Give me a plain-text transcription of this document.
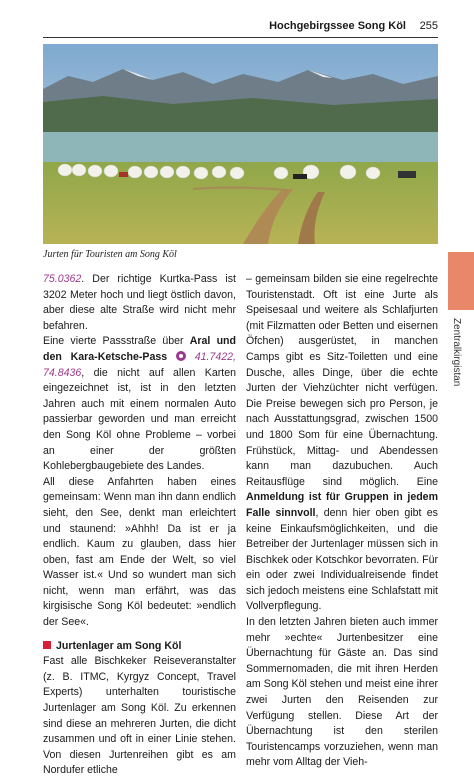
Hochgebirgssee Song Köl 255
Jurten für Touristen am Song Köl
Zentralkirgistan

75.0362. Der richtige Kurtka-Pass ist 3202 Meter hoch und liegt östlich davon, aber diese alte Straße wird nicht mehr befahren.

Eine vierte Passstraße über Aral und den Kara-Ketsche-Pass	41.7422, 74.8436, die nicht auf allen Karten eingezeichnet ist, ist in den letzten Jahren auch mit einem normalen Auto passierbar geworden und man erreicht den Song Köl ohne Probleme – vorbei an einer der größten Kohlebergbaugebiete des Landes.

All diese Anfahrten haben eines gemeinsam: Wenn man ihn dann endlich sieht, den See, denkt man erleichtert und staunend: »Ahhh! Da ist er ja endlich. Kaum zu glauben, dass hier oben, fast am Ende der Welt, so viel Wasser ist.« Und so wundert man sich nicht, wenn man erfährt, was das kirgisische Song Köl bedeutet: »endlich der See«.

Jurtenlager am Song Köl

Fast alle Bischkeker Reiseveranstalter (z. B. ITMC, Kyrgyz Concept, Travel Experts) unterhalten touristische Jurtenlager am Song Köl. Zu erkennen sind diese an mehreren Jurten, die dicht zusammen und oft in einer Linie stehen. Von diesen Jurtenreihen gibt es am Nordufer etliche

– gemeinsam bilden sie eine regelrechte Touristenstadt. Oft ist eine Jurte als Speisesaal und weitere als Schlafjurten (mit Filzmatten oder Betten und eisernen Öfchen) ausgerüstet, in manchen Camps gibt es Sitz-Toiletten und eine Dusche, alles Dinge, über die echte Jurten der Viehzüchter nicht verfügen. Die Preise bewegen sich pro Person, je nach Ausstattungsgrad, zwischen 1500 und 1800 Som für eine Übernachtung. Frühstück, Mittag- und Abendessen kann man dazubuchen. Auch Reitausflüge sind möglich. Eine Anmeldung ist für Gruppen in jedem Falle sinnvoll, denn hier oben gibt es keine Einkaufsmöglichkeiten, und die Betreiber der Jurtenlager müssen sich in Bischkek oder Kotschkor bevorraten. Für ein oder zwei Individualreisende findet sich jedoch meistens eine Schlafstatt mit Vollverpflegung.

In den letzten Jahren bieten auch immer mehr »echte« Jurtenbesitzer eine Übernachtung für Gäste an. Das sind Sommernomaden, die mit ihren Herden am Song Köl stehen und meist eine ihrer zwei Jurten den Reisenden zur Verfügung stellen. Diese Art der Übernachtung ist den sterilen Touristencamps vorzuziehen, wenn man mehr vom Alltag der Vieh-
